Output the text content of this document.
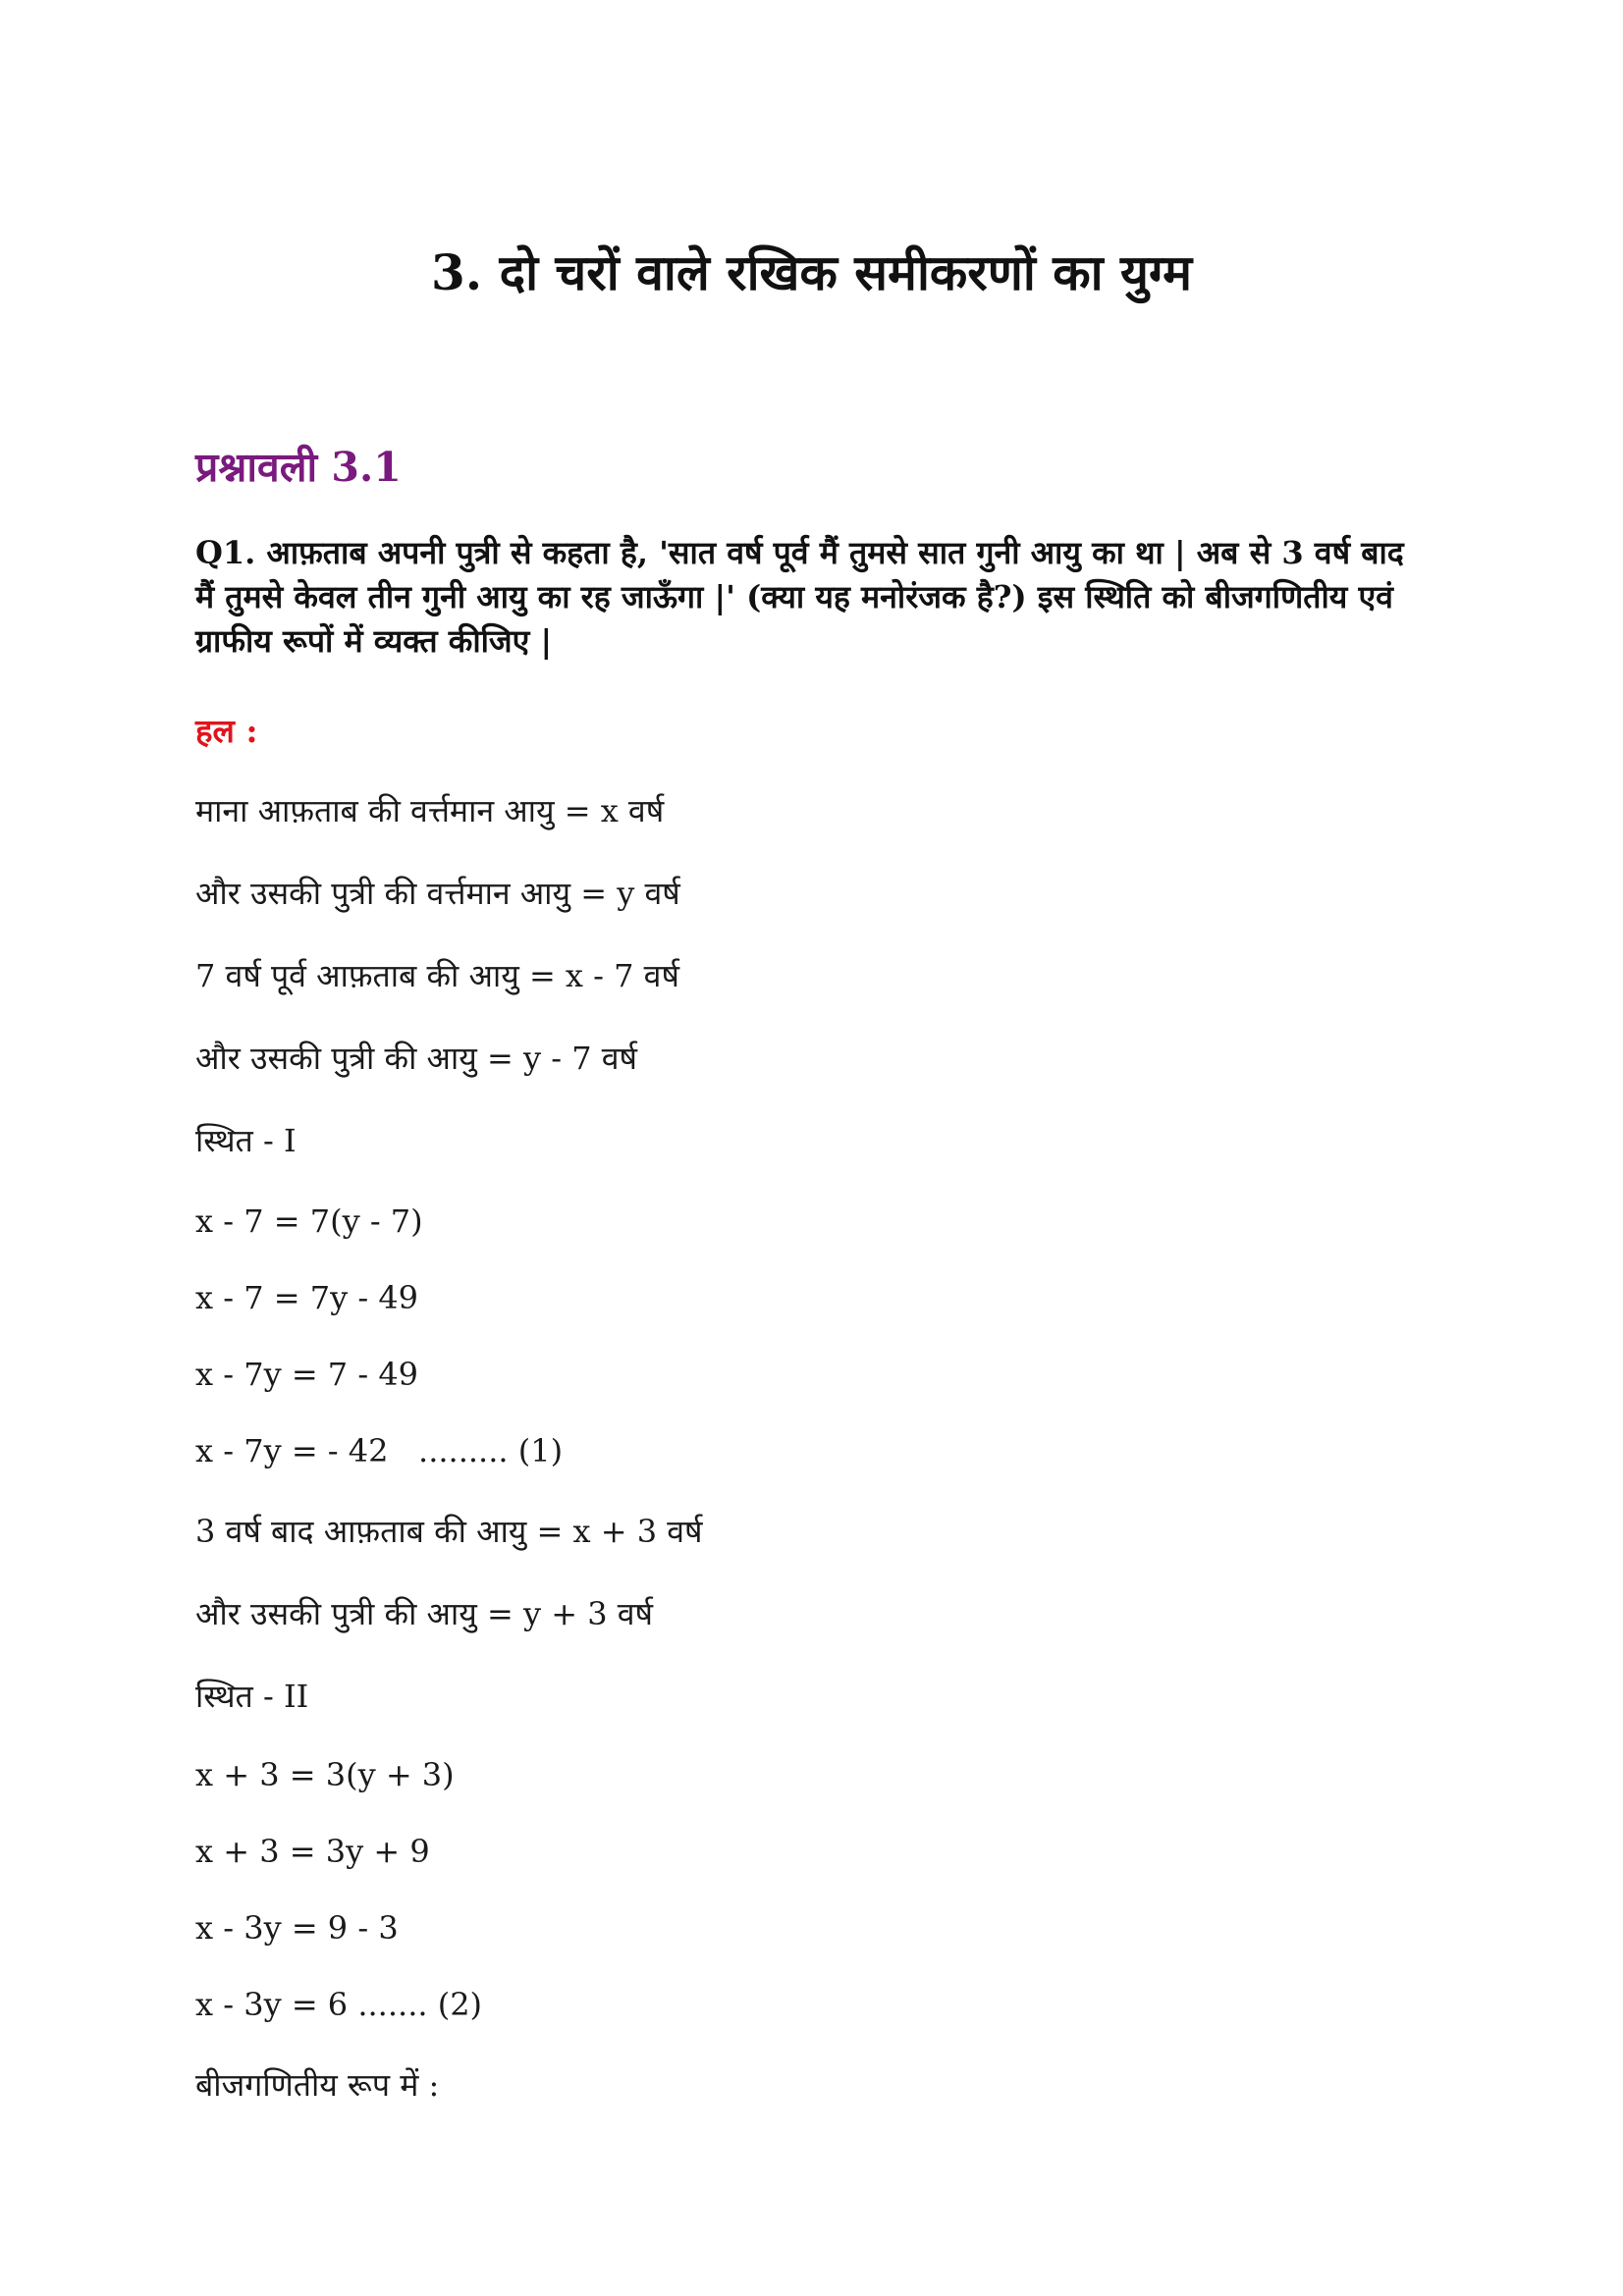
3. दो चरों वाले रखिक समीकरणों का युग्म
प्रश्नावली 3.1

Q1. आफ़ताब अपनी पुत्री से कहता है, 'सात वर्ष पूर्व मैं तुमसे सात गुनी आयु का था | अब से 3 वर्ष बाद मैं तुमसे केवल तीन गुनी आयु का रह जाऊँगा |' (क्या यह मनोरंजक है?) इस स्थिति को बीजगणितीय एवं ग्राफीय रूपों में व्यक्त कीजिए |

हल :

माना आफ़ताब की वर्त्तमान आयु = x वर्ष

और उसकी पुत्री की वर्त्तमान आयु = y वर्ष

7 वर्ष पूर्व आफ़ताब की आयु = x - 7 वर्ष

और उसकी पुत्री की आयु = y - 7 वर्ष

स्थित - I

x - 7 = 7(y - 7)

x - 7 = 7y - 49

x - 7y = 7 - 49

x - 7y = - 42   ......... (1)

3 वर्ष बाद आफ़ताब की आयु = x + 3 वर्ष

और उसकी पुत्री की आयु = y + 3 वर्ष

स्थित - II

x + 3 = 3(y + 3)

x + 3 = 3y + 9

x - 3y = 9 - 3

x - 3y = 6 ....... (2)

बीजगणितीय रूप में :
